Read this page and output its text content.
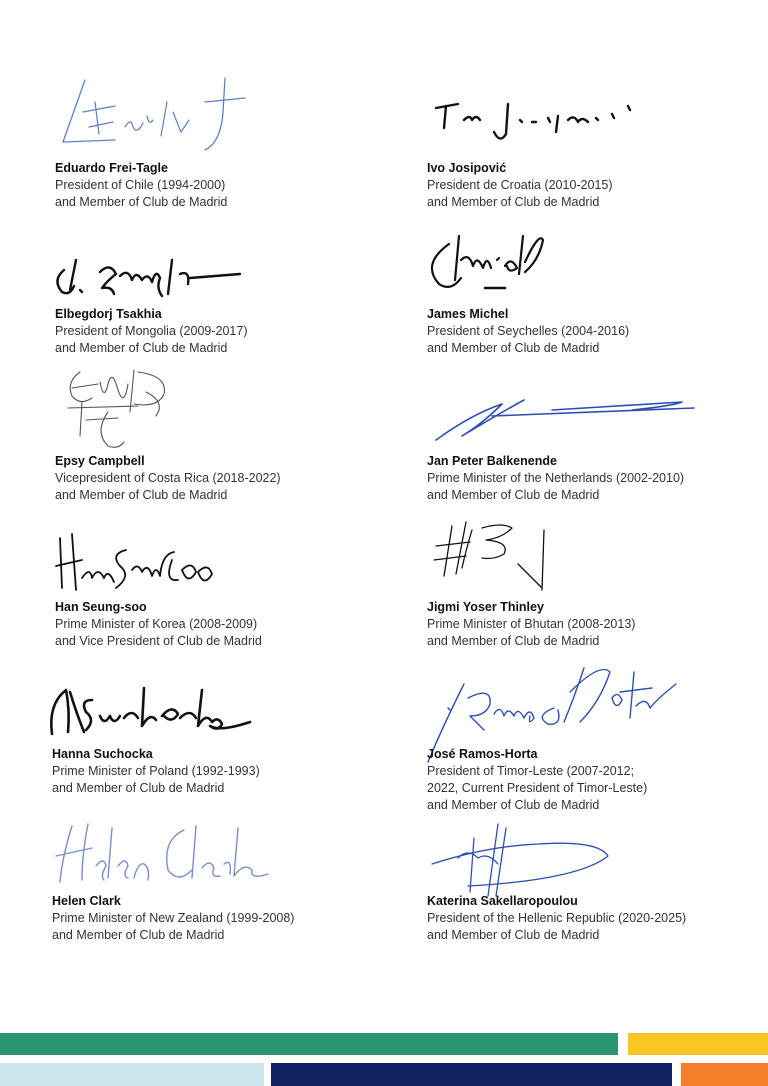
Eduardo Frei-Tagle
President of Chile (1994-2000)
and Member of Club de Madrid
Elbegdorj Tsakhia
President of Mongolia (2009-2017)
and Member of Club de Madrid
Epsy Campbell
Vicepresident of Costa Rica (2018-2022)
and Member of Club de Madrid
Han Seung-soo
Prime Minister of Korea (2008-2009)
and Vice President of Club de Madrid
Hanna Suchocka
Prime Minister of Poland (1992-1993)
and Member of Club de Madrid
Helen Clark
Prime Minister of New Zealand (1999-2008)
and Member of Club de Madrid
Ivo Josipović
President de Croatia (2010-2015)
and Member of Club de Madrid
James Michel
President of Seychelles (2004-2016)
and Member of Club de Madrid
Jan Peter Balkenende
Prime Minister of the Netherlands (2002-2010)
and Member of Club de Madrid
Jigmi Yoser Thinley
Prime Minister of Bhutan (2008-2013)
and Member of Club de Madrid
José Ramos-Horta
President of Timor-Leste (2007-2012;
2022, Current President of Timor-Leste)
and Member of Club de Madrid
Katerina Sakellaropoulou
President of the Hellenic Republic (2020-2025)
and Member of Club de Madrid
